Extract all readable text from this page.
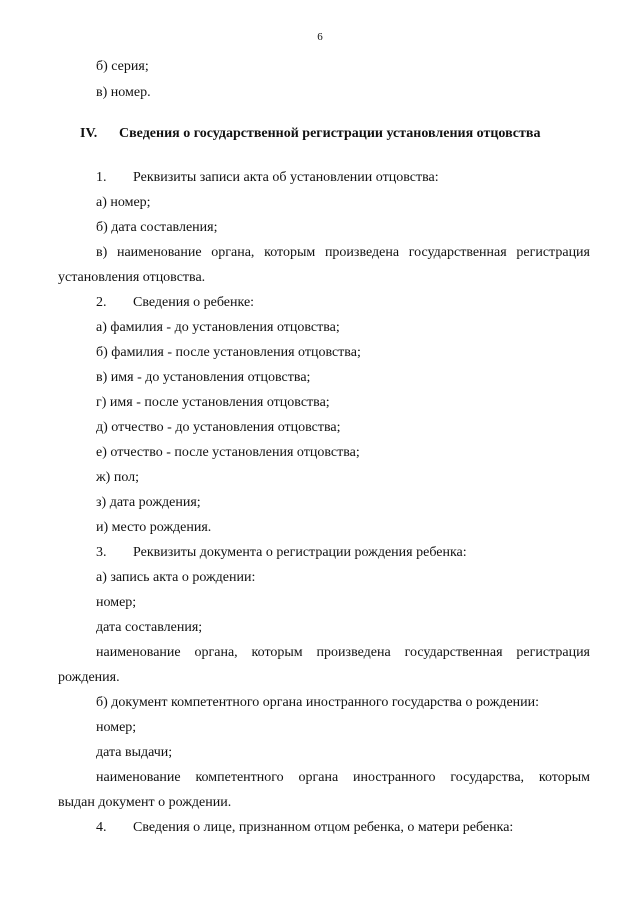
6
б) серия;
в) номер.
IV. Сведения о государственной регистрации установления отцовства
1. Реквизиты записи акта об установлении отцовства:
а) номер;
б) дата составления;
в) наименование органа, которым произведена государственная регистрация
установления отцовства.
2. Сведения о ребенке:
а) фамилия - до установления отцовства;
б) фамилия - после установления отцовства;
в) имя - до установления отцовства;
г) имя - после установления отцовства;
д) отчество - до установления отцовства;
е) отчество - после установления отцовства;
ж) пол;
з) дата рождения;
и) место рождения.
3. Реквизиты документа о регистрации рождения ребенка:
а) запись акта о рождении:
номер;
дата составления;
наименование органа, которым произведена государственная регистрация
рождения.
б) документ компетентного органа иностранного государства о рождении:
номер;
дата выдачи;
наименование компетентного органа иностранного государства, которым
выдан документ о рождении.
4. Сведения о лице, признанном отцом ребенка, о матери ребенка:
